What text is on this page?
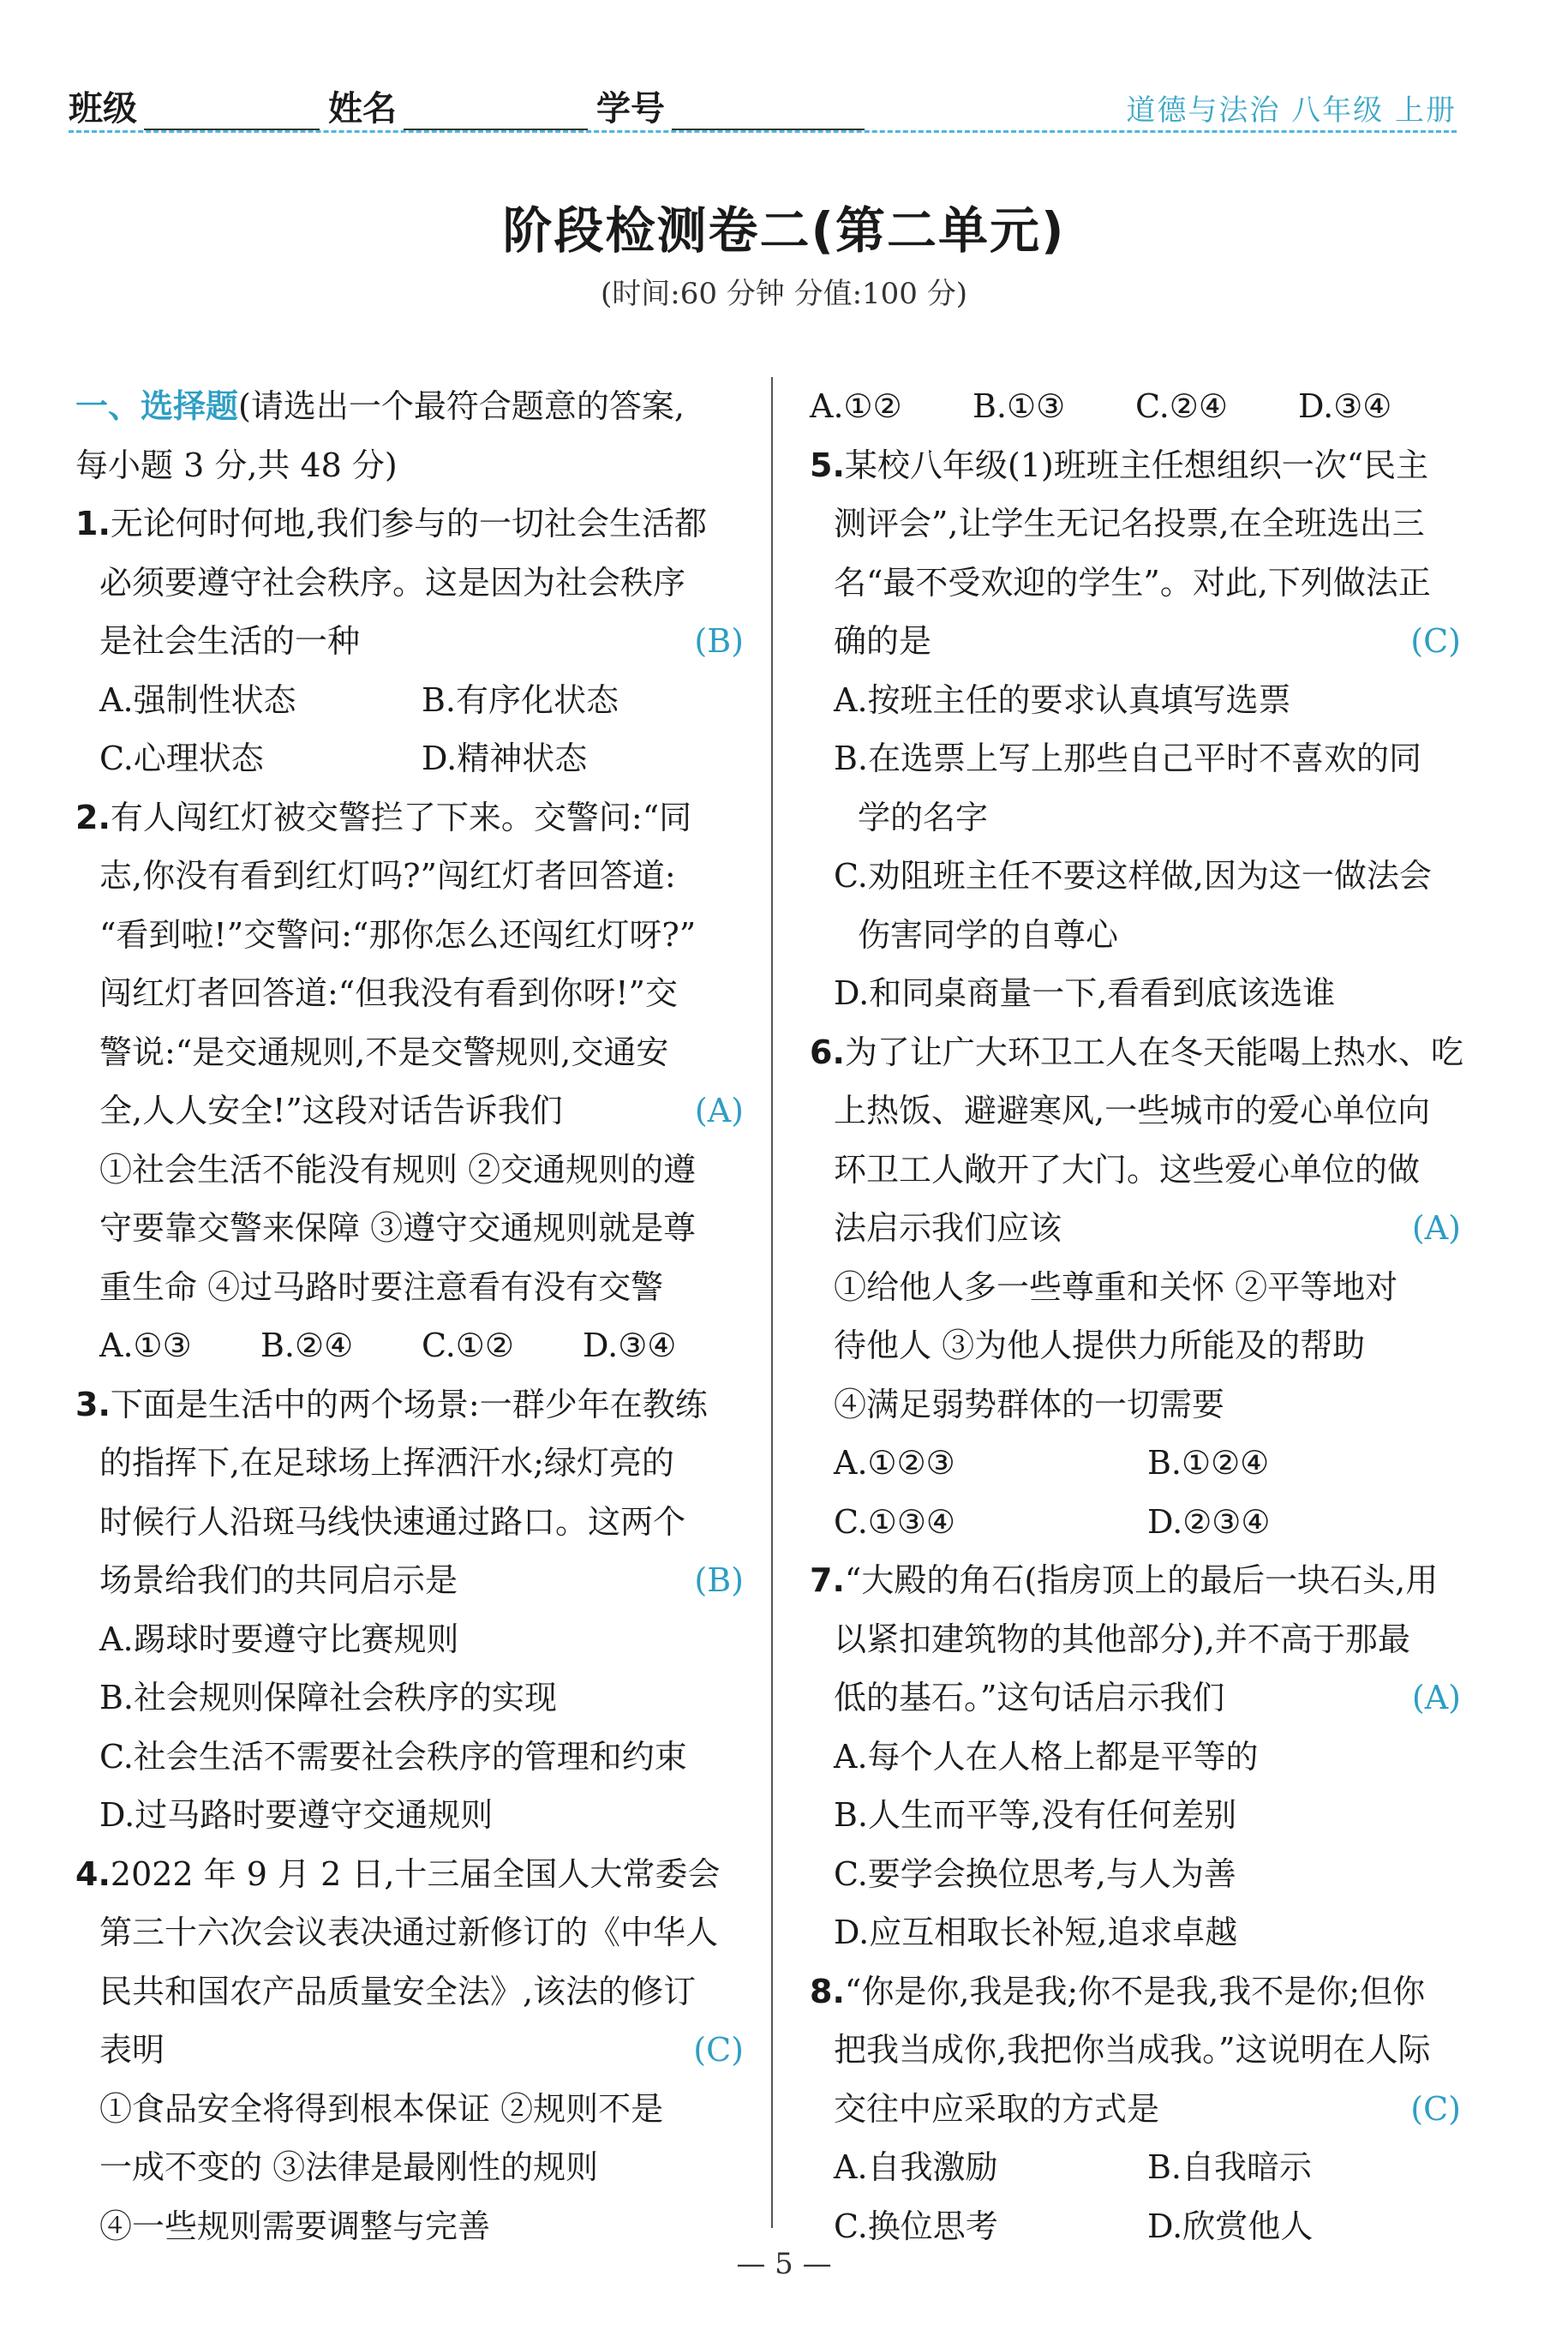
班级	姓名	学号	道德与法治 八年级 上册
阶段检测卷二(第二单元)
(时间:60 分钟 分值:100 分)
一、选择题(请选出一个最符合题意的答案,
每小题 3 分,共 48 分)
1.无论何时何地,我们参与的一切社会生活都
必须要遵守社会秩序。这是因为社会秩序
是社会生活的一种	(B)
A.强制性状态	B.有序化状态
C.心理状态	D.精神状态
2.有人闯红灯被交警拦了下来。交警问:“同
志,你没有看到红灯吗?”闯红灯者回答道:
“看到啦!”交警问:“那你怎么还闯红灯呀?”
闯红灯者回答道:“但我没有看到你呀!”交
警说:“是交通规则,不是交警规则,交通安
全,人人安全!”这段对话告诉我们	(A)
①社会生活不能没有规则 ②交通规则的遵
守要靠交警来保障 ③遵守交通规则就是尊
重生命 ④过马路时要注意看有没有交警
A.①③	B.②④	C.①②	D.③④
3.下面是生活中的两个场景:一群少年在教练
的指挥下,在足球场上挥洒汗水;绿灯亮的
时候行人沿斑马线快速通过路口。这两个
场景给我们的共同启示是	(B)
A.踢球时要遵守比赛规则
B.社会规则保障社会秩序的实现
C.社会生活不需要社会秩序的管理和约束
D.过马路时要遵守交通规则
4.2022 年 9 月 2 日,十三届全国人大常委会
第三十六次会议表决通过新修订的《中华人
民共和国农产品质量安全法》,该法的修订
表明	(C)
①食品安全将得到根本保证 ②规则不是
一成不变的 ③法律是最刚性的规则
④一些规则需要调整与完善
A.①②	B.①③	C.②④	D.③④
5.某校八年级(1)班班主任想组织一次“民主
测评会”,让学生无记名投票,在全班选出三
名“最不受欢迎的学生”。对此,下列做法正
确的是	(C)
A.按班主任的要求认真填写选票
B.在选票上写上那些自己平时不喜欢的同
学的名字
C.劝阻班主任不要这样做,因为这一做法会
伤害同学的自尊心
D.和同桌商量一下,看看到底该选谁
6.为了让广大环卫工人在冬天能喝上热水、吃
上热饭、避避寒风,一些城市的爱心单位向
环卫工人敞开了大门。这些爱心单位的做
法启示我们应该	(A)
①给他人多一些尊重和关怀 ②平等地对
待他人 ③为他人提供力所能及的帮助
④满足弱势群体的一切需要
A.①②③	B.①②④
C.①③④	D.②③④
7.“大殿的角石(指房顶上的最后一块石头,用
以紧扣建筑物的其他部分),并不高于那最
低的基石。”这句话启示我们	(A)
A.每个人在人格上都是平等的
B.人生而平等,没有任何差别
C.要学会换位思考,与人为善
D.应互相取长补短,追求卓越
8.“你是你,我是我;你不是我,我不是你;但你
把我当成你,我把你当成我。”这说明在人际
交往中应采取的方式是	(C)
A.自我激励	B.自我暗示
C.换位思考	D.欣赏他人
— 5 —
